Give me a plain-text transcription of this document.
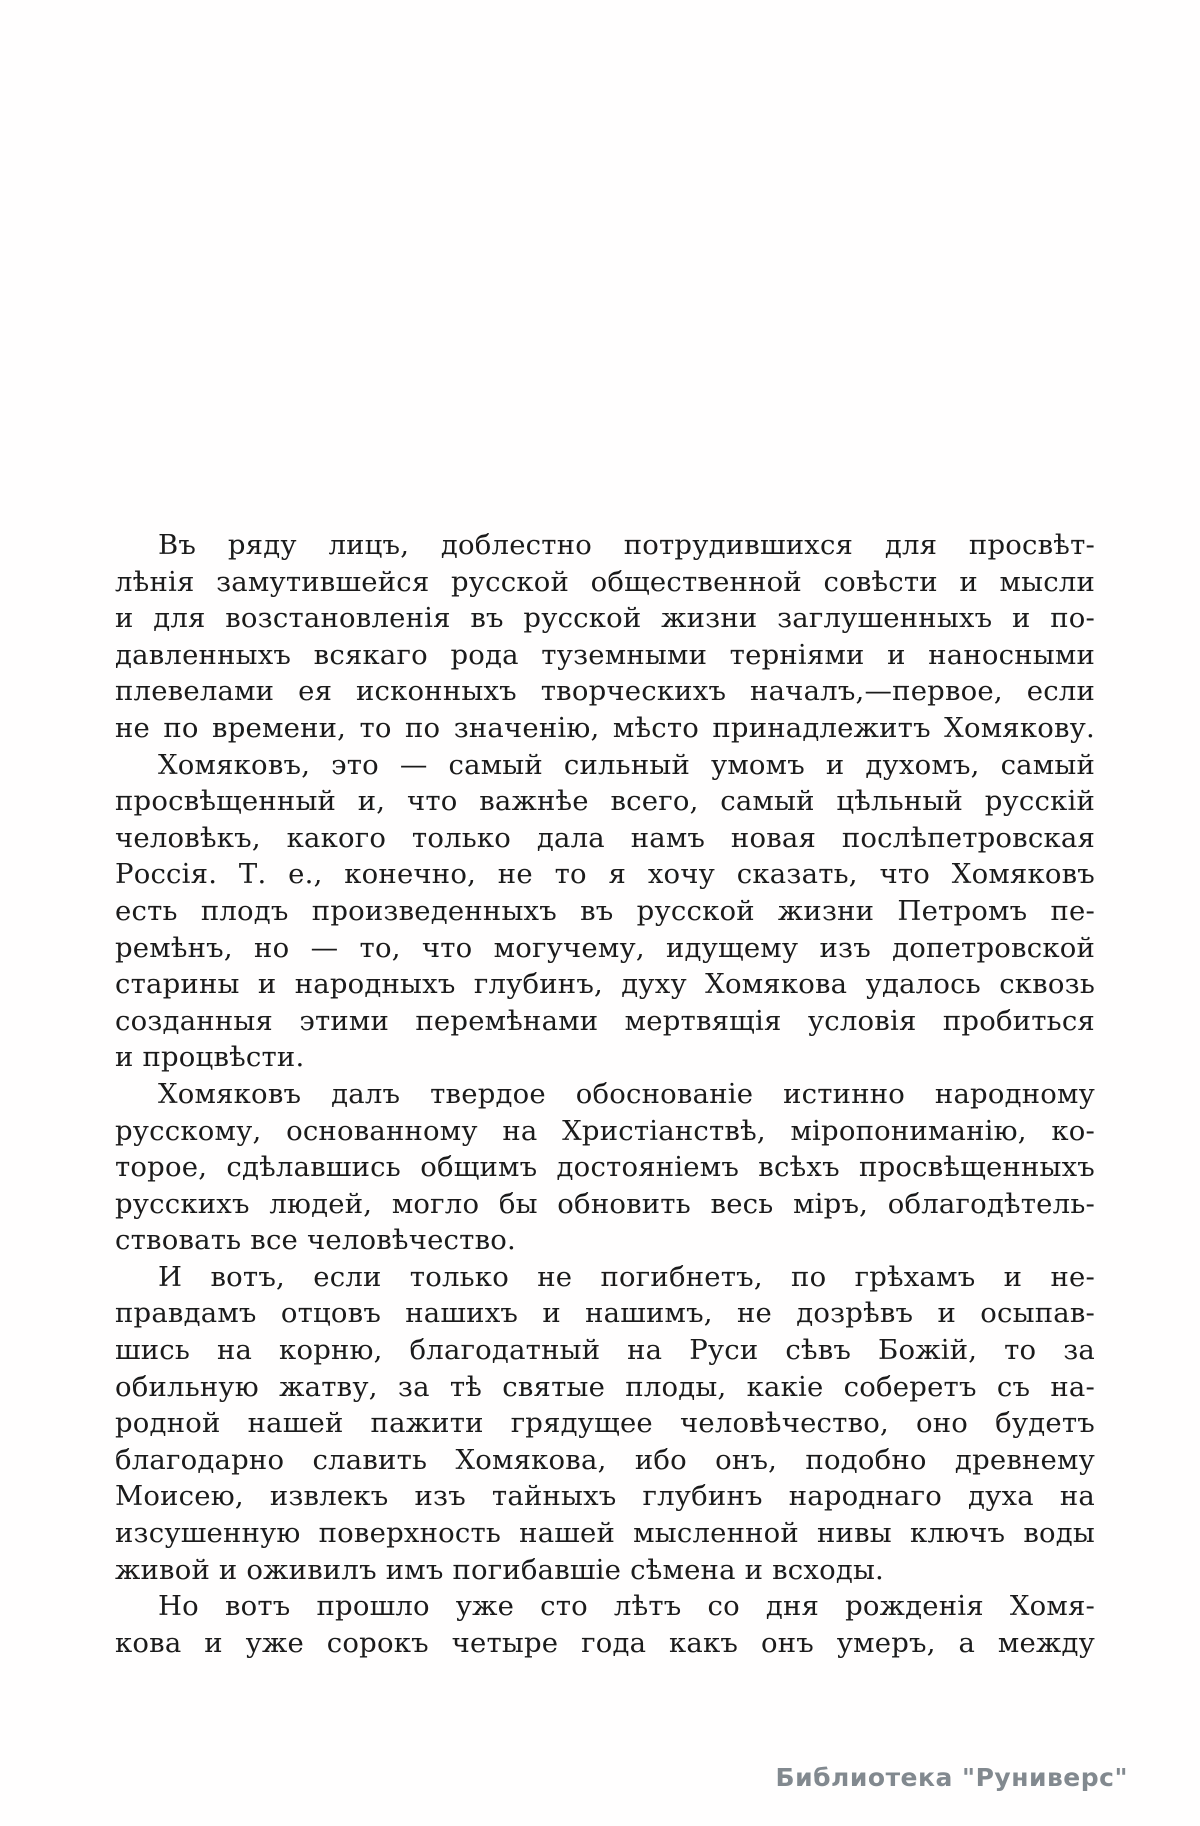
Въ ряду лицъ, доблестно потрудившихся для просвѣт-
лѣнія замутившейся русской общественной совѣсти и мысли
и для возстановленія въ русской жизни заглушенныхъ и по-
давленныхъ всякаго рода туземными терніями и наносными
плевелами ея исконныхъ творческихъ началъ,—первое, если
не по времени, то по значенію, мѣсто принадлежитъ Хомякову.
Хомяковъ, это — самый сильный умомъ и духомъ, самый
просвѣщенный и, что важнѣе всего, самый цѣльный русскій
человѣкъ, какого только дала намъ новая послѣпетровская
Россія. Т. е., конечно, не то я хочу сказать, что Хомяковъ
есть плодъ произведенныхъ въ русской жизни Петромъ пе-
ремѣнъ, но — то, что могучему, идущему изъ допетровской
старины и народныхъ глубинъ, духу Хомякова удалось сквозь
созданныя этими перемѣнами мертвящія условія пробиться
и процвѣсти.
Хомяковъ далъ твердое обоснованіе истинно народному
русскому, основанному на Христіанствѣ, міропониманію, ко-
торое, сдѣлавшись общимъ достояніемъ всѣхъ просвѣщенныхъ
русскихъ людей, могло бы обновить весь міръ, облагодѣтель-
ствовать все человѣчество.
И вотъ, если только не погибнетъ, по грѣхамъ и не-
правдамъ отцовъ нашихъ и нашимъ, не дозрѣвъ и осыпав-
шись на корню, благодатный на Руси сѣвъ Божій, то за
обильную жатву, за тѣ святые плоды, какіе соберетъ съ на-
родной нашей пажити грядущее человѣчество, оно будетъ
благодарно славить Хомякова, ибо онъ, подобно древнему
Моисею, извлекъ изъ тайныхъ глубинъ народнаго духа на
изсушенную поверхность нашей мысленной нивы ключъ воды
живой и оживилъ имъ погибавшіе сѣмена и всходы.
Но вотъ прошло уже сто лѣтъ со дня рожденія Хомя-
кова и уже сорокъ четыре года какъ онъ умеръ, а между
Библиотека "Руниверс"
